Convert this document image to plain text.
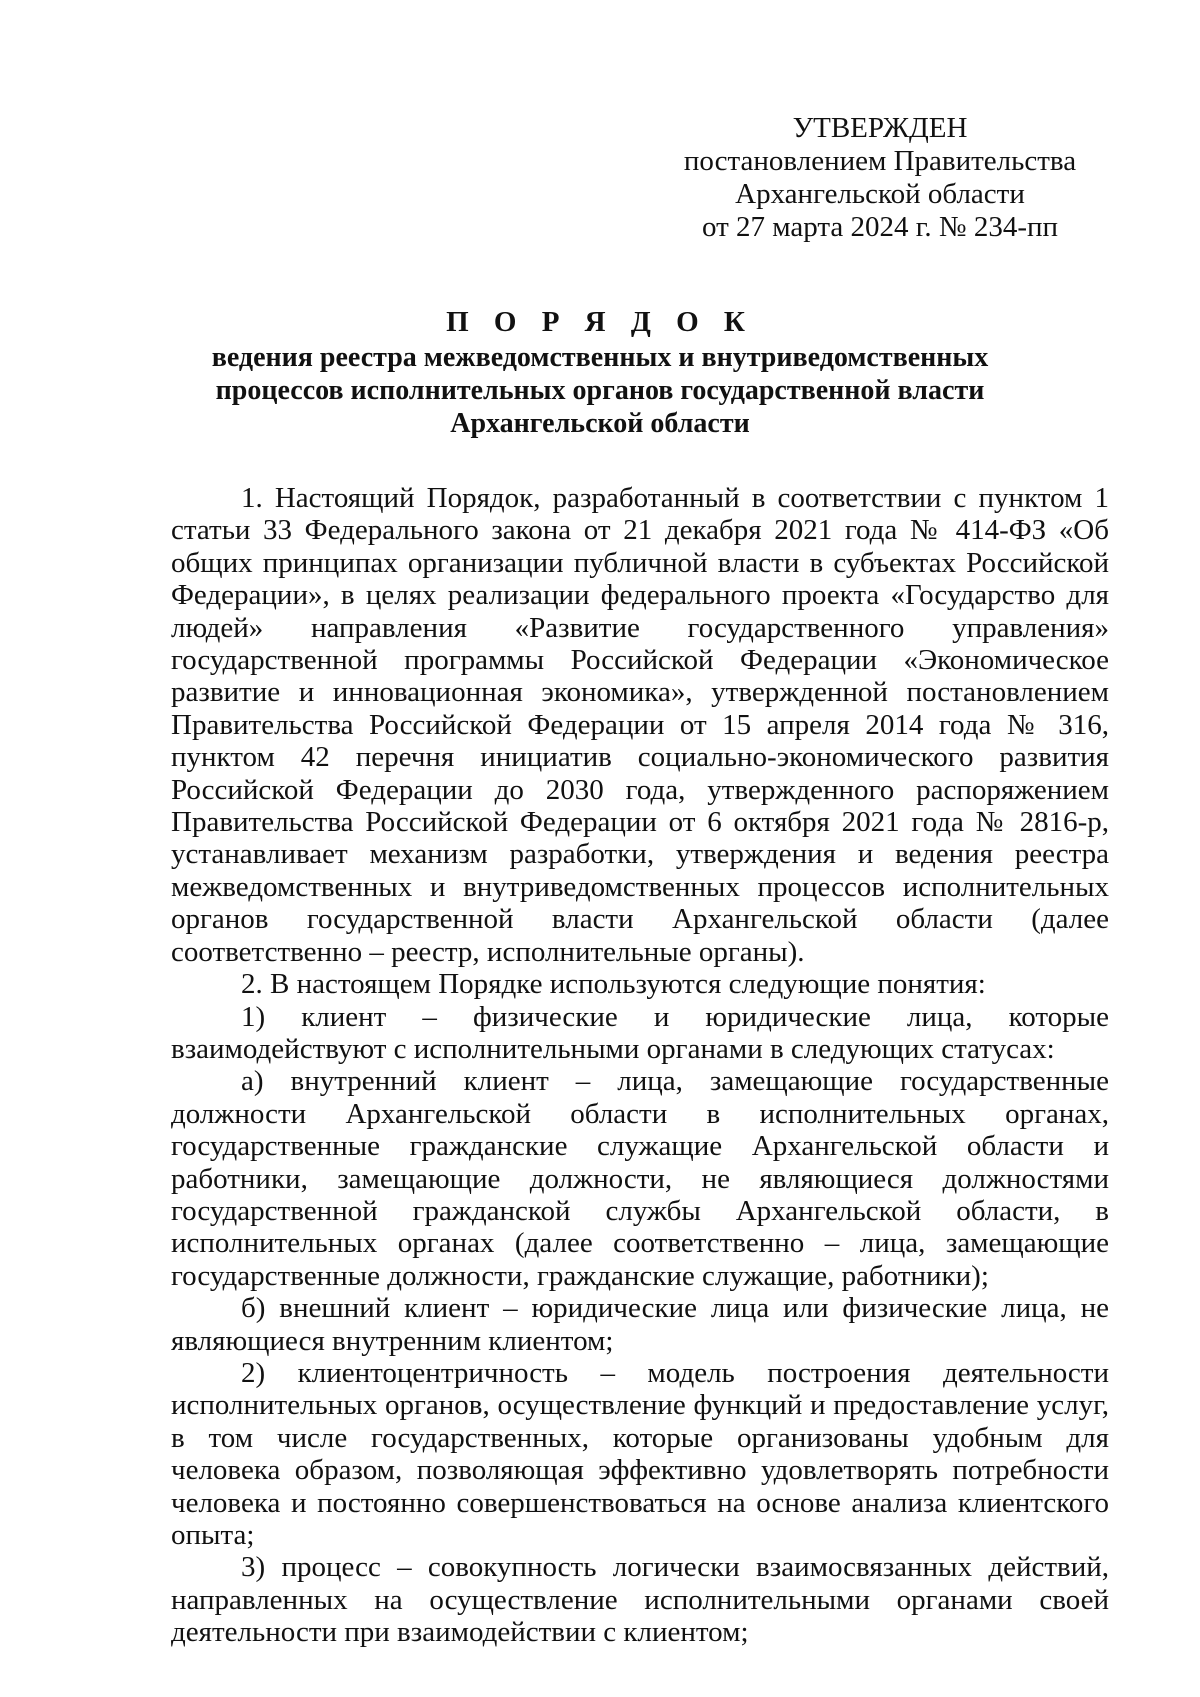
УТВЕРЖДЕН
постановлением Правительства
Архангельской области
от 27 марта 2024 г. № 234-пп
П О Р Я Д О К
ведения реестра межведомственных и внутриведомственных
процессов исполнительных органов государственной власти
Архангельской области

1. Настоящий Порядок, разработанный в соответствии с пунктом 1 статьи 33 Федерального закона от 21 декабря 2021 года № 414-ФЗ «Об общих принципах организации публичной власти в субъектах Российской Федерации», в целях реализации федерального проекта «Государство для людей» направления «Развитие государственного управления» государственной программы Российской Федерации «Экономическое развитие и инновационная экономика», утвержденной постановлением Правительства Российской Федерации от 15 апреля 2014 года № 316, пунктом 42 перечня инициатив социально-экономического развития Российской Федерации до 2030 года, утвержденного распоряжением Правительства Российской Федерации от 6 октября 2021 года № 2816-р, устанавливает механизм разработки, утверждения и ведения реестра межведомственных и внутриведомственных процессов исполнительных органов государственной власти Архангельской области (далее соответственно – реестр, исполнительные органы).

2. В настоящем Порядке используются следующие понятия:

1) клиент – физические и юридические лица, которые взаимодействуют с исполнительными органами в следующих статусах:

а) внутренний клиент – лица, замещающие государственные должности Архангельской области в исполнительных органах, государственные гражданские служащие Архангельской области и работники, замещающие должности, не являющиеся должностями государственной гражданской службы Архангельской области, в исполнительных органах (далее соответственно – лица, замещающие государственные должности, гражданские служащие, работники);

б) внешний клиент – юридические лица или физические лица, не являющиеся внутренним клиентом;

2) клиентоцентричность – модель построения деятельности исполнительных органов, осуществление функций и предоставление услуг, в том числе государственных, которые организованы удобным для человека образом, позволяющая эффективно удовлетворять потребности человека и постоянно совершенствоваться на основе анализа клиентского опыта;

3) процесс – совокупность логически взаимосвязанных действий, направленных на осуществление исполнительными органами своей деятельности при взаимодействии с клиентом;
